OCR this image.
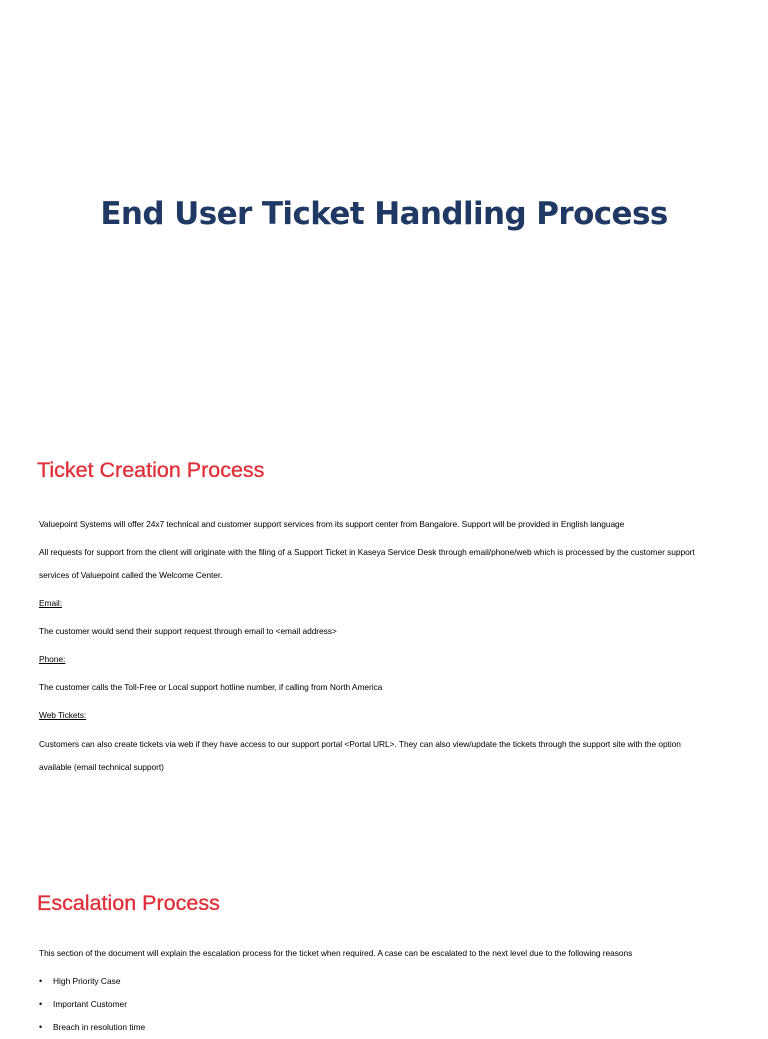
End User Ticket Handling Process
Ticket Creation Process

Valuepoint Systems will offer 24x7 technical and customer support services from its support center from Bangalore. Support will be provided in English language

All requests for support from the client will originate with the filing of a Support Ticket in Kaseya Service Desk through email/phone/web which is processed by the customer support services of Valuepoint called the Welcome Center.

Email:

The customer would send their support request through email to <email address>

Phone:

The customer calls the Toll-Free or Local support hotline number, if calling from North America

Web Tickets:

Customers can also create tickets via web if they have access to our support portal <Portal URL>. They can also view/update the tickets through the support site with the option available (email technical support)

Escalation Process

This section of the document will explain the escalation process for the ticket when required. A case can be escalated to the next level due to the following reasons

• High Priority Case
• Important Customer
• Breach in resolution time
